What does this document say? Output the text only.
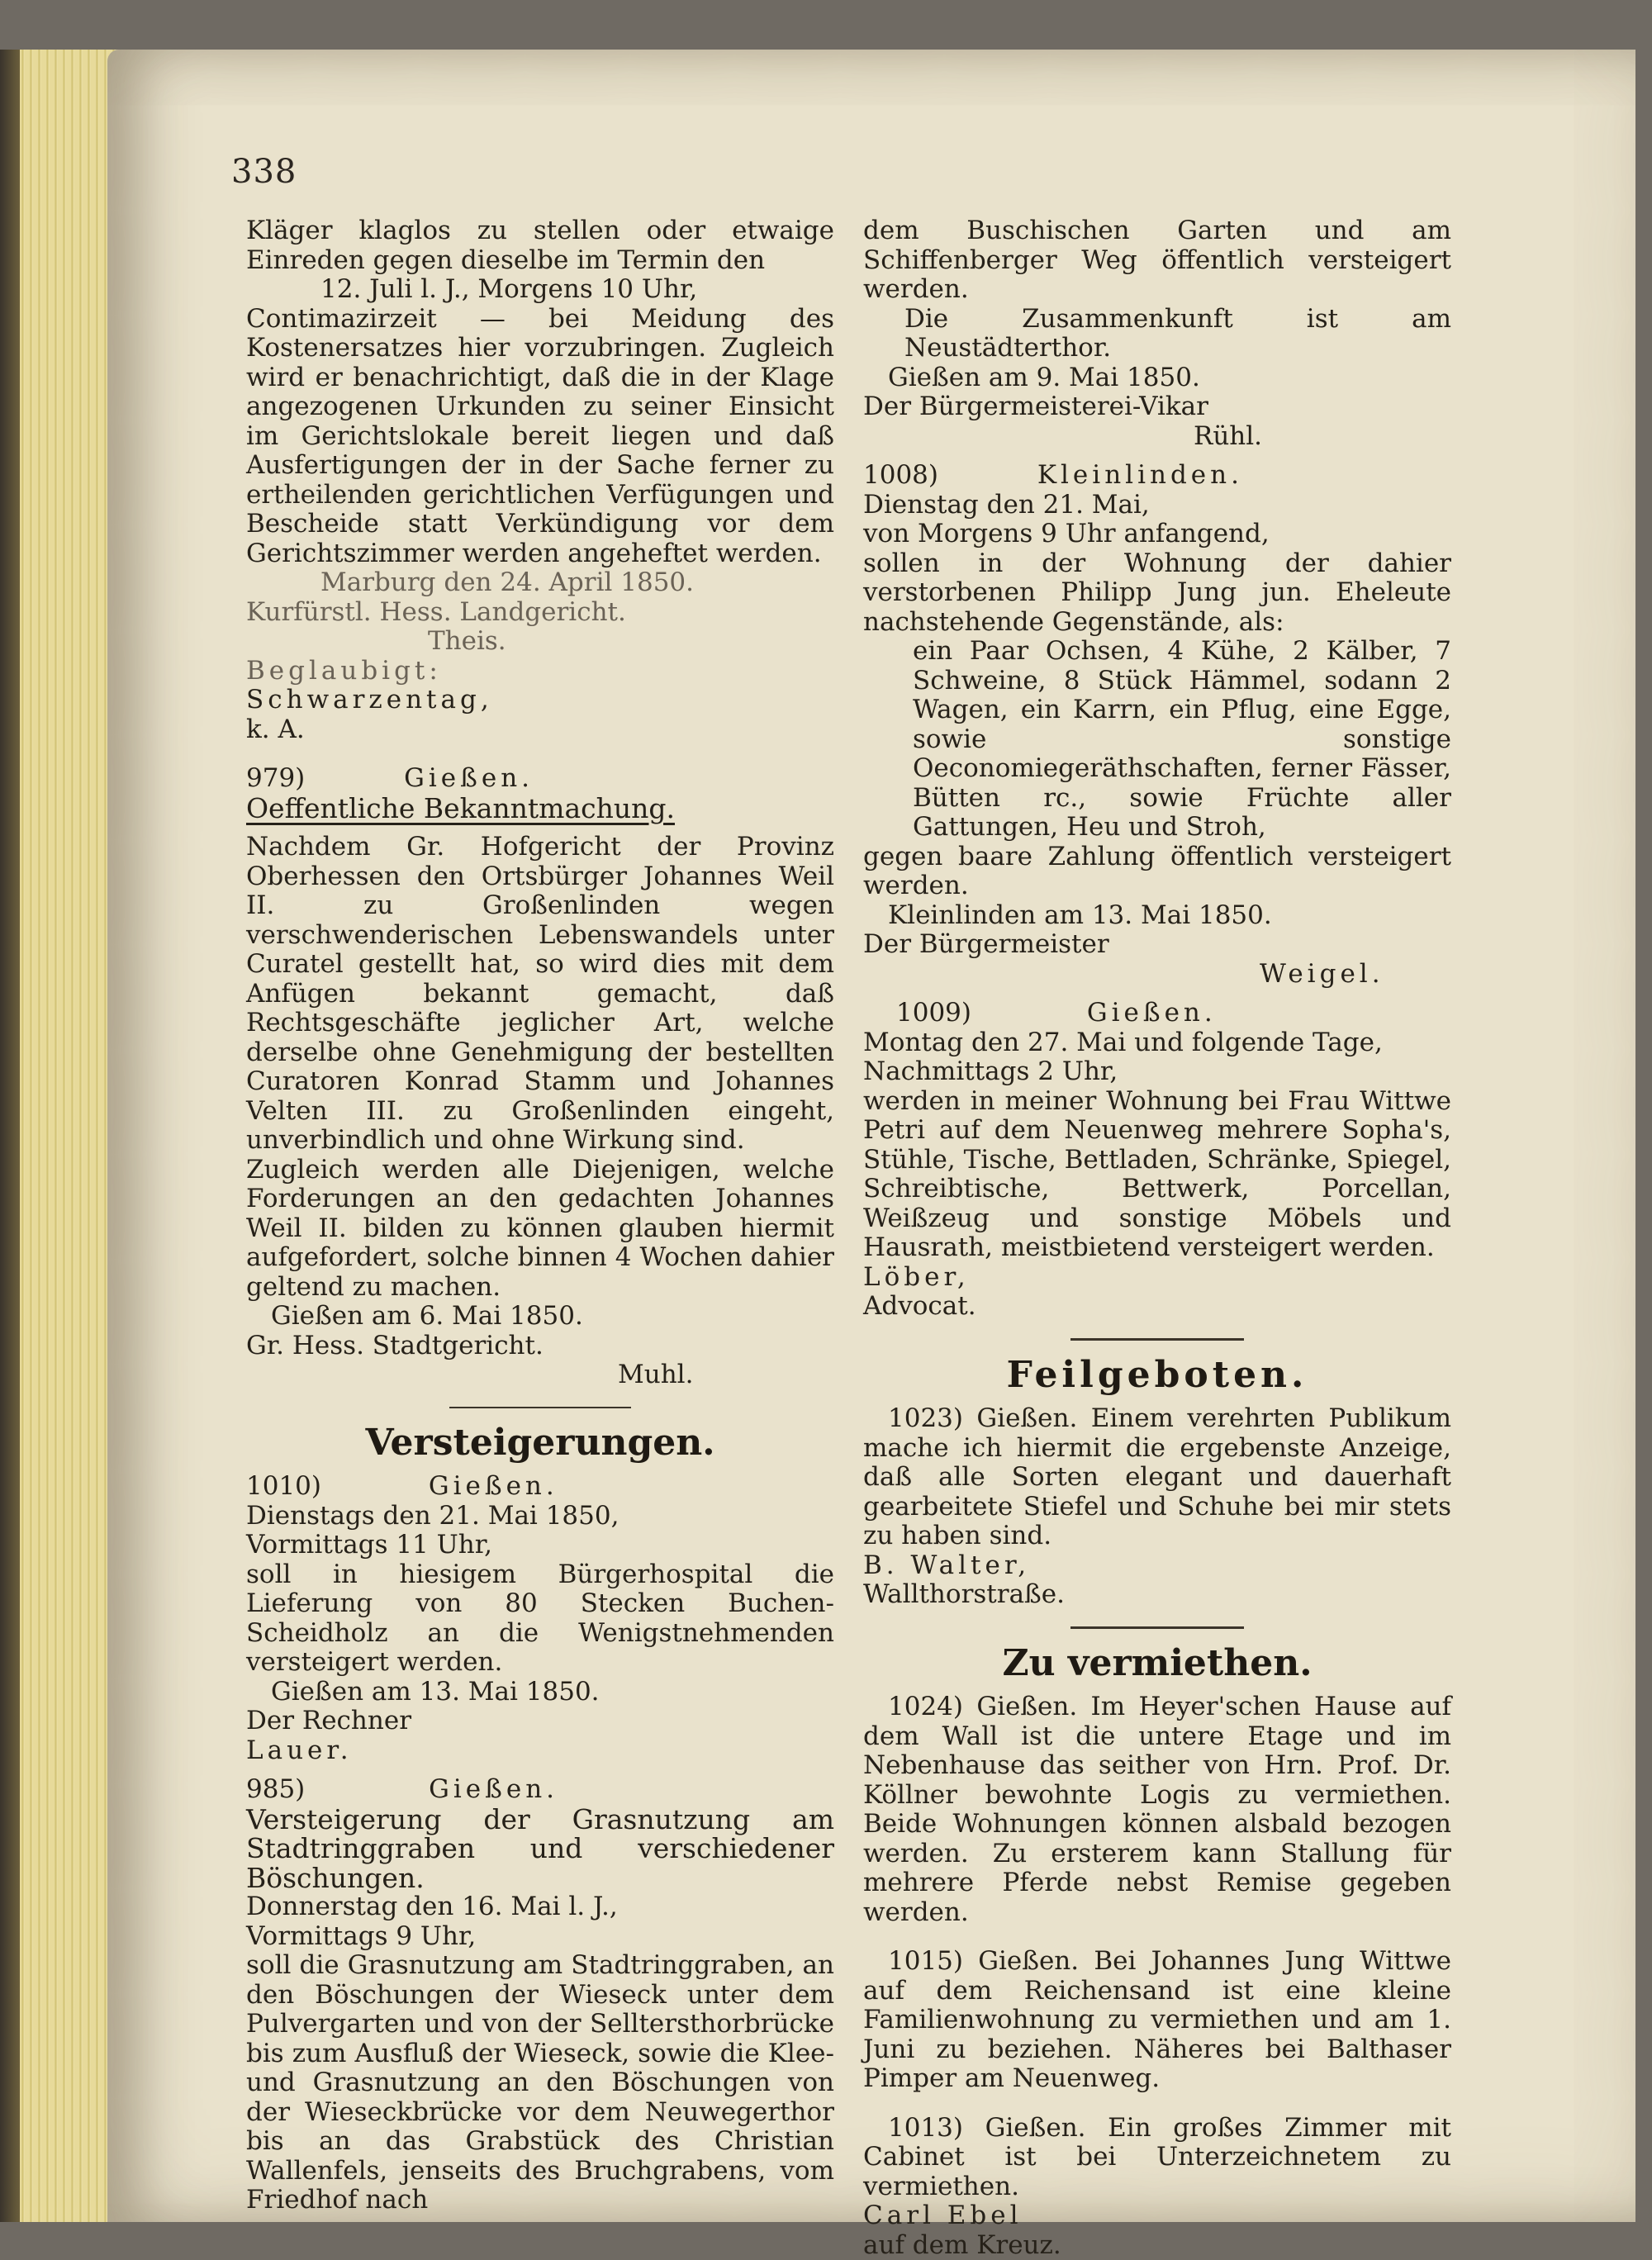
338

Kläger klaglos zu stellen oder etwaige Einreden gegen dieselbe im Termin den

12. Juli l. J., Morgens 10 Uhr,

Contimazirzeit — bei Meidung des Kostenersatzes hier vorzubringen. Zugleich wird er benachrichtigt, daß die in der Klage angezogenen Urkunden zu seiner Einsicht im Gerichtslokale bereit liegen und daß Ausfertigungen der in der Sache ferner zu ertheilenden gerichtlichen Verfügungen und Bescheide statt Verkündigung vor dem Gerichtszimmer werden angeheftet werden.

Marburg den 24. April 1850.

Kurfürstl. Hess. Landgericht.

Theis.

Beglaubigt:

Schwarzentag,

k. A.

979)	Gießen.

Oeffentliche Bekanntmachung.

Nachdem Gr. Hofgericht der Provinz Oberhessen den Ortsbürger Johannes Weil II. zu Großenlinden wegen verschwenderischen Lebenswandels unter Curatel gestellt hat, so wird dies mit dem Anfügen bekannt gemacht, daß Rechtsgeschäfte jeglicher Art, welche derselbe ohne Genehmigung der bestellten Curatoren Konrad Stamm und Johannes Velten III. zu Großenlinden eingeht, unverbindlich und ohne Wirkung sind.

Zugleich werden alle Diejenigen, welche Forderungen an den gedachten Johannes Weil II. bilden zu können glauben hiermit aufgefordert, solche binnen 4 Wochen dahier geltend zu machen.

Gießen am 6. Mai 1850.

Gr. Hess. Stadtgericht.

Muhl.

Versteigerungen.

1010)	Gießen.

Dienstags den 21. Mai 1850,

Vormittags 11 Uhr,

soll in hiesigem Bürgerhospital die Lieferung von 80 Stecken Buchen-Scheidholz an die Wenigstnehmenden versteigert werden.

Gießen am 13. Mai 1850.

Der Rechner

Lauer.

985)	Gießen.

Versteigerung der Grasnutzung am Stadtringgraben und verschiedener Böschungen.

Donnerstag den 16. Mai l. J.,

Vormittags 9 Uhr,

soll die Grasnutzung am Stadtringgraben, an den Böschungen der Wieseck unter dem Pulvergarten und von der Selltersthorbrücke bis zum Ausfluß der Wieseck, sowie die Klee- und Grasnutzung an den Böschungen von der Wieseckbrücke vor dem Neuwegerthor bis an das Grabstück des Christian Wallenfels, jenseits des Bruchgrabens, vom Friedhof nach

dem Buschischen Garten und am Schiffenberger Weg öffentlich versteigert werden.

Die Zusammenkunft ist am Neustädterthor.

Gießen am 9. Mai 1850.

Der Bürgermeisterei-Vikar

Rühl.

1008)	Kleinlinden.

Dienstag den 21. Mai,

von Morgens 9 Uhr anfangend,

sollen in der Wohnung der dahier verstorbenen Philipp Jung jun. Eheleute nachstehende Gegenstände, als:

ein Paar Ochsen, 4 Kühe, 2 Kälber, 7 Schweine, 8 Stück Hämmel, sodann 2 Wagen, ein Karrn, ein Pflug, eine Egge, sowie sonstige Oeconomiegeräthschaften, ferner Fässer, Bütten rc., sowie Früchte aller Gattungen, Heu und Stroh,

gegen baare Zahlung öffentlich versteigert werden.

Kleinlinden am 13. Mai 1850.

Der Bürgermeister

Weigel.

1009)	Gießen.

Montag den 27. Mai und folgende Tage,

Nachmittags 2 Uhr,

werden in meiner Wohnung bei Frau Wittwe Petri auf dem Neuenweg mehrere Sopha's, Stühle, Tische, Bettladen, Schränke, Spiegel, Schreibtische, Bettwerk, Porcellan, Weißzeug und sonstige Möbels und Hausrath, meistbietend versteigert werden.

Löber,

Advocat.

Feilgeboten.

1023) Gießen. Einem verehrten Publikum mache ich hiermit die ergebenste Anzeige, daß alle Sorten elegant und dauerhaft gearbeitete Stiefel und Schuhe bei mir stets zu haben sind.

B. Walter,

Wallthorstraße.

Zu vermiethen.

1024) Gießen. Im Heyer'schen Hause auf dem Wall ist die untere Etage und im Nebenhause das seither von Hrn. Prof. Dr. Köllner bewohnte Logis zu vermiethen. Beide Wohnungen können alsbald bezogen werden. Zu ersterem kann Stallung für mehrere Pferde nebst Remise gegeben werden.

1015) Gießen. Bei Johannes Jung Wittwe auf dem Reichensand ist eine kleine Familienwohnung zu vermiethen und am 1. Juni zu beziehen. Näheres bei Balthaser Pimper am Neuenweg.

1013) Gießen. Ein großes Zimmer mit Cabinet ist bei Unterzeichnetem zu vermiethen.

Carl Ebel

auf dem Kreuz.
